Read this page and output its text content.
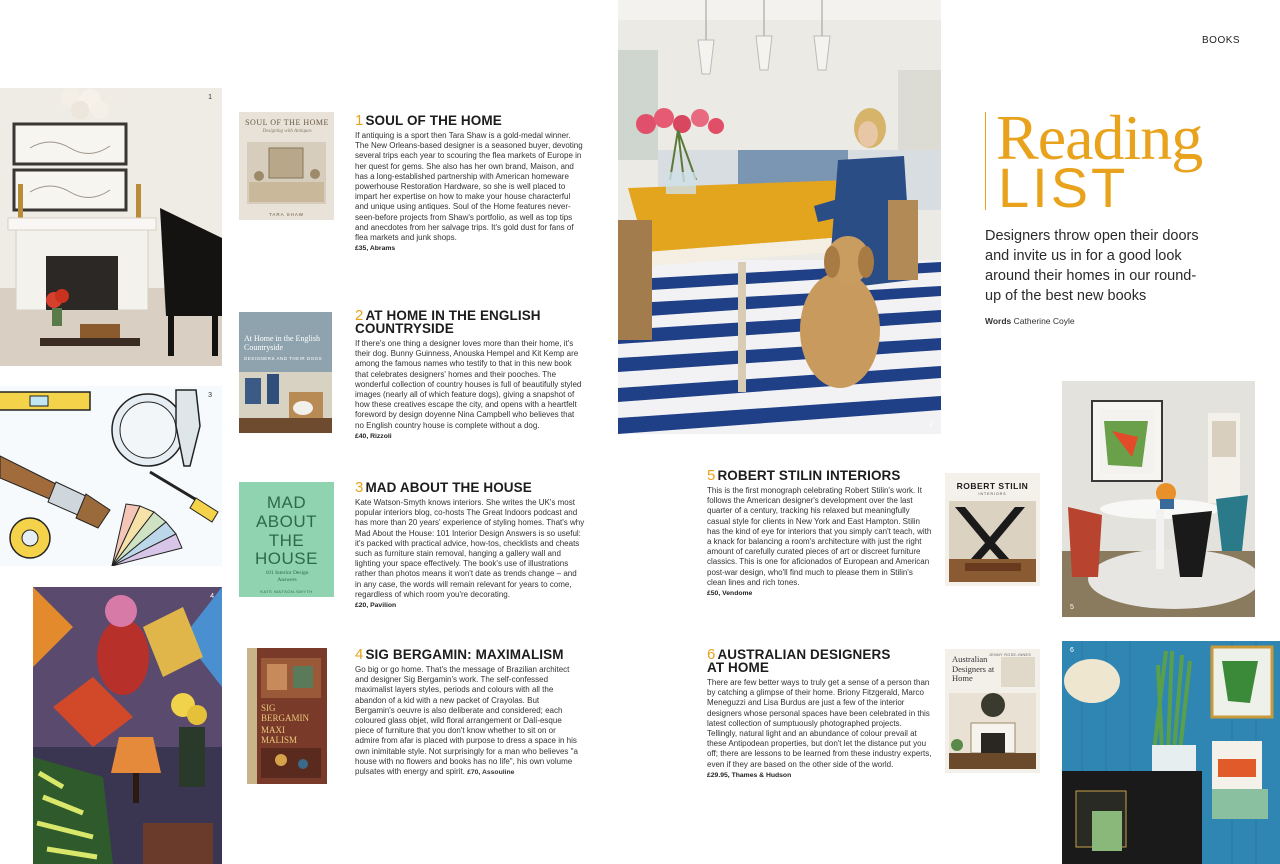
1
3
4
SOUL OF THE HOME
Designing with Antiques
TARA SHAW
At Home in the English Countryside
DESIGNERS AND THEIR DOGS
MAD
ABOUT
THE
HOUSE
101 Interior Design Answers
KATE WATSON-SMYTH
SIG
BERGAMIN
MAXI
MALISM
1 SOUL OF THE HOME
If antiquing is a sport then Tara Shaw is a gold-medal winner. The New Orleans-based designer is a seasoned buyer, devoting several trips each year to scouring the flea markets of Europe in her quest for gems. She also has her own brand, Maison, and has a long-established partnership with American homeware powerhouse Restoration Hardware, so she is well placed to impart her expertise on how to make your house characterful and unique using antiques. Soul of the Home features never-seen-before projects from Shaw's portfolio, as well as top tips and anecdotes from her salvage trips. It's gold dust for fans of flea markets and junk shops.
£35, Abrams
2 AT HOME IN THE ENGLISH COUNTRYSIDE
If there's one thing a designer loves more than their home, it's their dog. Bunny Guinness, Anouska Hempel and Kit Kemp are among the famous names who testify to that in this new book that celebrates designers' homes and their pooches. The wonderful collection of country houses is full of beautifully styled images (nearly all of which feature dogs), giving a snapshot of how these creatives escape the city, and opens with a heartfelt foreword by design doyenne Nina Campbell who believes that no English country house is complete without a dog.
£40, Rizzoli
3 MAD ABOUT THE HOUSE
Kate Watson-Smyth knows interiors. She writes the UK's most popular interiors blog, co-hosts The Great Indoors podcast and has more than 20 years' experience of styling homes. That's why Mad About the House: 101 Interior Design Answers is so useful: it's packed with practical advice, how-tos, checklists and cheats such as furniture stain removal, hanging a gallery wall and lighting your space effectively. The book's use of illustrations rather than photos means it won't date as trends change – and in any case, the words will remain relevant for years to come, regardless of which room you're decorating.
£20, Pavilion
4 SIG BERGAMIN: MAXIMALISM
Go big or go home. That's the message of Brazilian architect and designer Sig Bergamin's work. The self-confessed maximalist layers styles, periods and colours with all the abandon of a kid with a new packet of Crayolas. But Bergamin's oeuvre is also deliberate and considered; each coloured glass objet, wild floral arrangement or Dalí-esque piece of furniture that you don't know whether to sit on or admire from afar is placed with purpose to dress a space in his own inimitable style. Not surprisingly for a man who believes "a house with no flowers and books has no life", his own volume pulsates with energy and spirit. £70, Assouline
2
BOOKS
Reading
LIST
Designers throw open their doors and invite us in for a good look around their homes in our round-up of the best new books
Words Catherine Coyle
ROBERT STILIN
INTERIORS
JENNY ROSE-INNES
Australian Designers at Home
5 ROBERT STILIN INTERIORS
This is the first monograph celebrating Robert Stilin's work. It follows the American designer's development over the last quarter of a century, tracking his relaxed but meaningfully casual style for clients in New York and East Hampton. Stilin has the kind of eye for interiors that you simply can't teach, with a knack for balancing a room's architecture with just the right amount of carefully curated pieces of art or discreet furniture classics. This is one for aficionados of European and American post-war design, who'll find much to please them in Stilin's clean lines and rich tones.
£50, Vendome
6 AUSTRALIAN DESIGNERS AT HOME
There are few better ways to truly get a sense of a person than by catching a glimpse of their home. Briony Fitzgerald, Marco Meneguzzi and Lisa Burdus are just a few of the interior designers whose personal spaces have been celebrated in this latest collection of sumptuously photographed projects. Tellingly, natural light and an abundance of colour prevail at these Antipodean properties, but don't let the distance put you off; there are lessons to be learned from these industry experts, even if they are based on the other side of the world.
£29.95, Thames & Hudson
5
6
